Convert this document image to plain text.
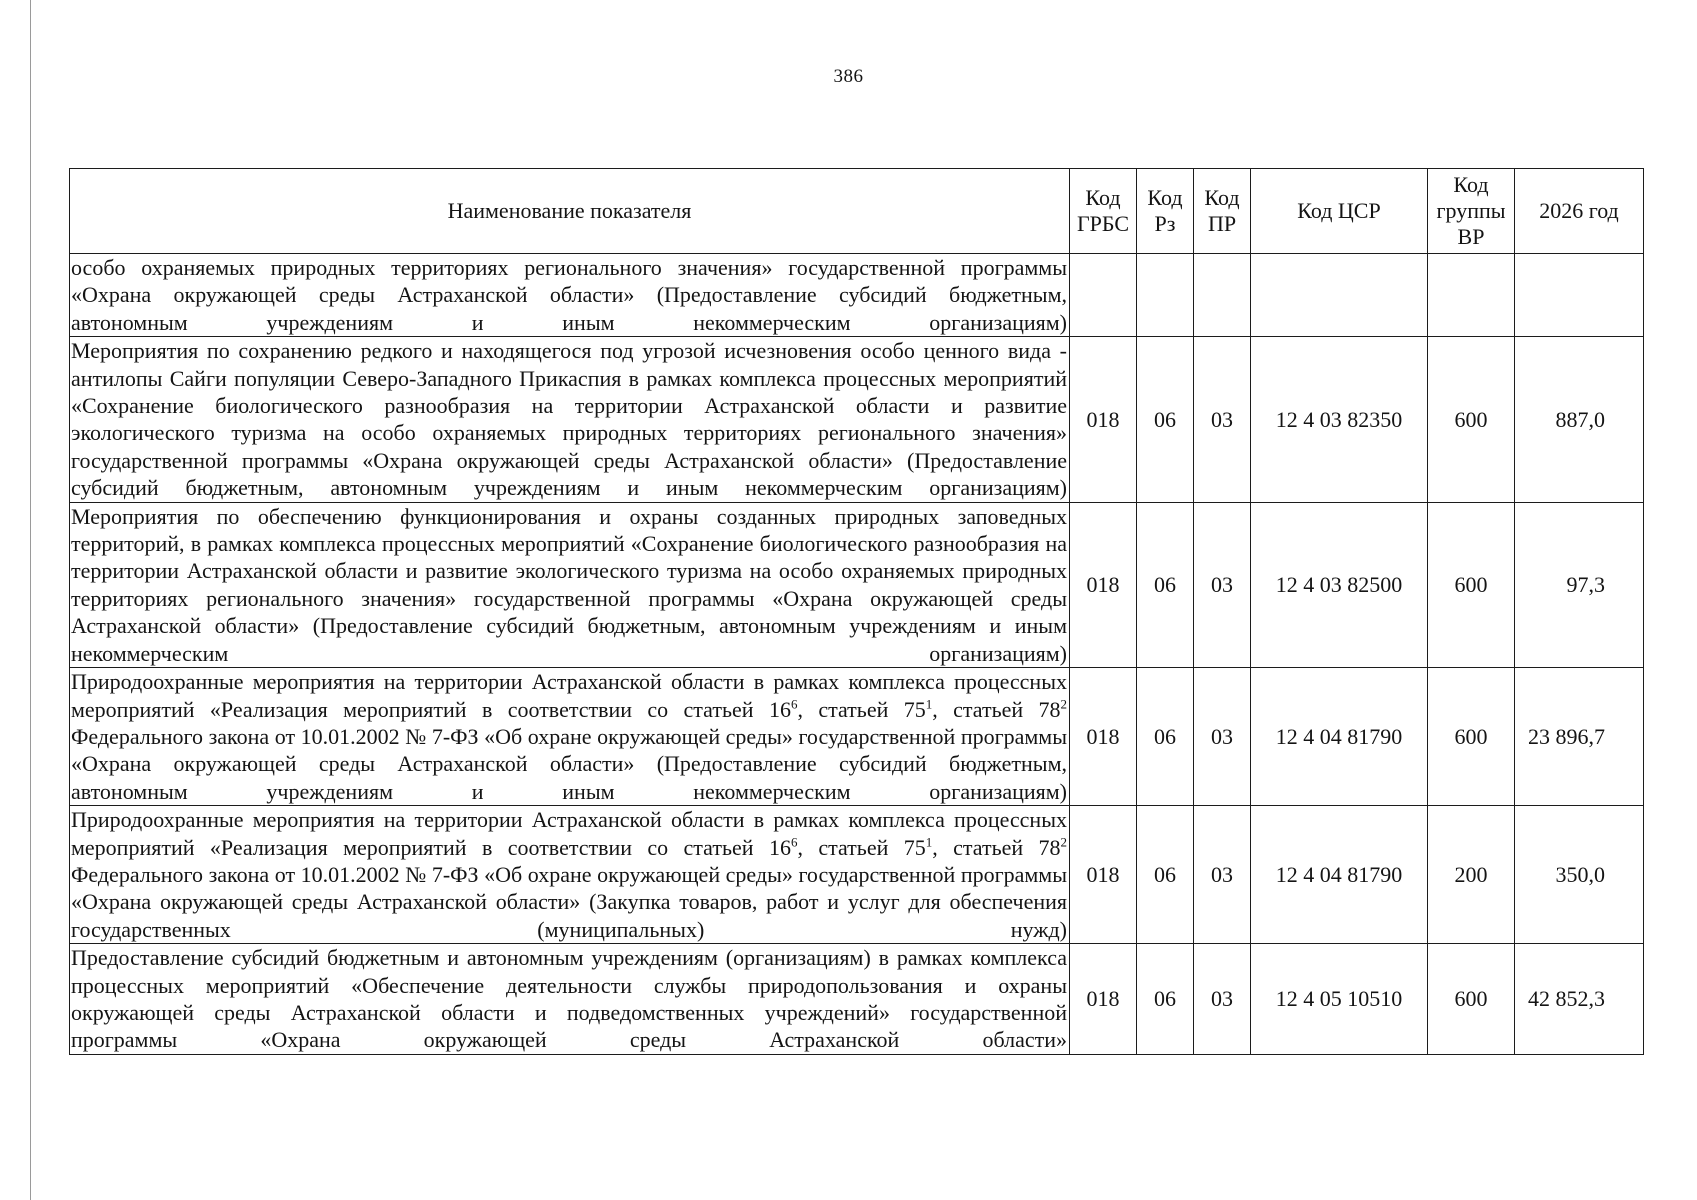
386
Наименование показателя	Код ГРБС	Код Рз	Код ПР	Код ЦСР	Код группы ВР	2026 год

особо охраняемых природных территориях регионального значения» государственной программы «Охрана окружающей среды Астраханской области» (Предоставление субсидий бюджетным, автономным учреждениям и иным некоммерческим организациям)						

Мероприятия по сохранению редкого и находящегося под угрозой исчезновения особо ценного вида - антилопы Сайги популяции Северо-Западного Прикаспия в рамках комплекса процессных мероприятий «Сохранение биологического разнообразия на территории Астраханской области и развитие экологического туризма на особо охраняемых природных территориях регионального значения» государственной программы «Охрана окружающей среды Астраханской области» (Предоставление субсидий бюджетным, автономным учреждениям и иным некоммерческим организациям)	018	06	03	12 4 03 82350	600	887,0

Мероприятия по обеспечению функционирования и охраны созданных природных заповедных территорий, в рамках комплекса процессных мероприятий «Сохранение биологического разнообразия на территории Астраханской области и развитие экологического туризма на особо охраняемых природных территориях регионального значения» государственной программы «Охрана окружающей среды Астраханской области» (Предоставление субсидий бюджетным, автономным учреждениям и иным некоммерческим организациям)	018	06	03	12 4 03 82500	600	97,3

Природоохранные мероприятия на территории Астраханской области в рамках комплекса процессных мероприятий «Реализация мероприятий в соответствии со статьей $16^6$, статьей $75^1$, статьей $78^2$ Федерального закона от 10.01.2002 № 7-ФЗ «Об охране окружающей среды» государственной программы «Охрана окружающей среды Астраханской области» (Предоставление субсидий бюджетным, автономным учреждениям и иным некоммерческим организациям)	018	06	03	12 4 04 81790	600	23 896,7

Природоохранные мероприятия на территории Астраханской области в рамках комплекса процессных мероприятий «Реализация мероприятий в соответствии со статьей $16^6$, статьей $75^1$, статьей $78^2$ Федерального закона от 10.01.2002 № 7-ФЗ «Об охране окружающей среды» государственной программы «Охрана окружающей среды Астраханской области» (Закупка товаров, работ и услуг для обеспечения государственных (муниципальных) нужд)	018	06	03	12 4 04 81790	200	350,0

Предоставление субсидий бюджетным и автономным учреждениям (организациям) в рамках комплекса процессных мероприятий «Обеспечение деятельности службы природопользования и охраны окружающей среды Астраханской области и подведомственных учреждений» государственной программы «Охрана окружающей среды Астраханской области»	018	06	03	12 4 05 10510	600	42 852,3
